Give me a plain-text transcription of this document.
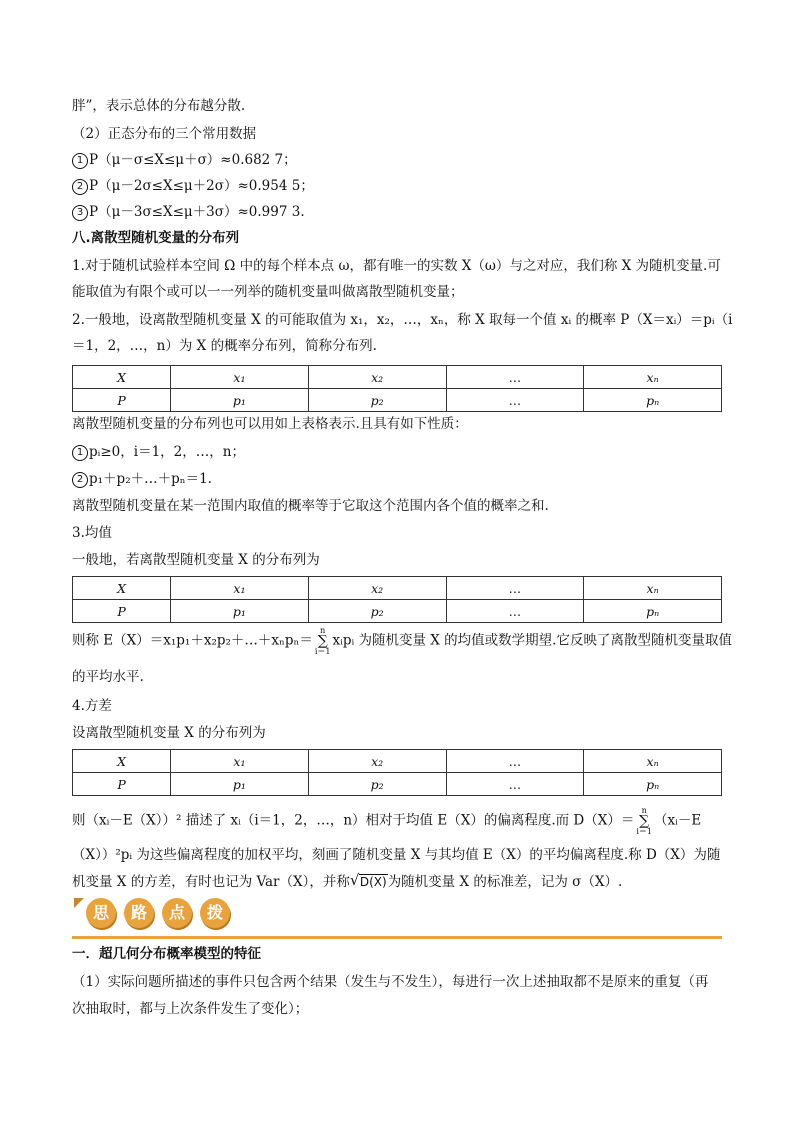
胖”，表示总体的分布越分散.
（2）正态分布的三个常用数据
1 P（μ－σ≤X≤μ＋σ）≈0.682 7；
2 P（μ－2σ≤X≤μ＋2σ）≈0.954 5；
3 P（μ－3σ≤X≤μ＋3σ）≈0.997 3.
八.离散型随机变量的分布列
1.对于随机试验样本空间 Ω 中的每个样本点 ω，都有唯一的实数 X（ω）与之对应，我们称 X 为随机变量.可
能取值为有限个或可以一一列举的随机变量叫做离散型随机变量；
2.一般地，设离散型随机变量 X 的可能取值为 x₁，x₂，…，xₙ，称 X 取每一个值 xᵢ 的概率 P（X＝xᵢ）＝pᵢ（i
＝1，2，…，n）为 X 的概率分布列，简称分布列.
X	x₁	x₂	…	xₙ
P	p₁	p₂	…	pₙ
离散型随机变量的分布列也可以用如上表格表示.且具有如下性质：
1 pᵢ≥0，i＝1，2，…，n；
2 p₁＋p₂＋…＋pₙ＝1.
离散型随机变量在某一范围内取值的概率等于它取这个范围内各个值的概率之和.
3.均值
一般地，若离散型随机变量 X 的分布列为
X	x₁	x₂	…	xₙ
P	p₁	p₂	…	pₙ
则称 E（X）＝x₁p₁＋x₂p₂＋…＋xₙpₙ＝n
∑
i＝1xᵢpᵢ 为随机变量 X 的均值或数学期望.它反映了离散型随机变量取值
的平均水平.
4.方差
设离散型随机变量 X 的分布列为
X	x₁	x₂	…	xₙ
P	p₁	p₂	…	pₙ
则（xᵢ－E（X））² 描述了 xᵢ（i＝1，2，…，n）相对于均值 E（X）的偏离程度.而 D（X）＝n
∑
i＝1（xᵢ－E
（X））²pᵢ 为这些偏离程度的加权平均，刻画了随机变量 X 与其均值 E（X）的平均偏离程度.称 D（X）为随
机变量 X 的方差，有时也记为 Var（X），并称 √ D(X)为随机变量 X 的标准差，记为 σ（X）.
思	路	点	拨
一．超几何分布概率模型的特征
（1）实际问题所描述的事件只包含两个结果（发生与不发生），每进行一次上述抽取都不是原来的重复（再
次抽取时，都与上次条件发生了变化）；
